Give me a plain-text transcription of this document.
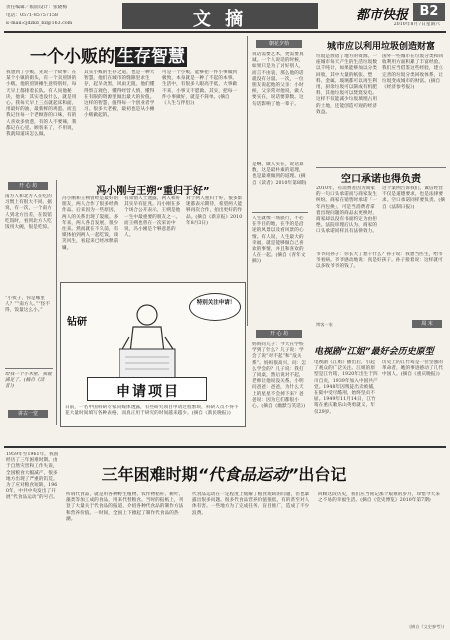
责任编辑／版面设计：张晓梅
电话：0571-85757158
E-mail:cjdzkd_bz@163.com	文 摘	都市快报 B2
2010年8月7日星期六
一个小贩的 生存智慧
我想到了小贩，先说一个故事：在某个小镇的街头，有一个卖煎饼的小贩。他的煎饼摊生意特别好，每天早上都排着长队。有人问他秘诀，他说：其实也没什么，就是用心。我每天早上三点就起床和面，用最好的油，最新鲜的鸡蛋。而且我记住每一个老顾客的口味，有的人喜欢多放葱，有的人不要辣，我都记在心里。顾客来了，不用说，我就知道该怎么做。
其实小贩的生存之道，也是一种大智慧。他们在城市的缝隙里求生存，起早贪黑，风雨无阻。他们懂得察言观色，懂得经营人情，懂得在有限的资源里做出最大的价值。这样的智慧，值得每一个创业者学习。很多大老板，最初也是从小摊小贩做起的。
可是一个小贩，能够把一件小事做到极致，本身就是一种了不起的本事。生活中，有很多人眼高手低，大事做不来，小事又不愿做。其实，把每一件小事做好，就是不简单。(摘自《人生与伴侣》)
朝花夕拾
说话需要艺术，更需要真诚。一个人说话的时候，如果只是为了讨好别人，而言不由衷，那么他的话就没有分量。一次，一位朋友说起他的父亲：小时候，父亲常对他说，做人要实在，说话要算数。这句话影响了他一辈子。
是啊，做人实在，说话算数，这是最朴素的道理，也是最难做到的道理。(摘自《读者》2010年第8期)
人生就像一场旅行，不必在乎目的地，在乎的是沿途的风景以及看风景的心情。有人说，人生最大的幸福，就是能够做自己喜欢的事情，并且和喜欢的人在一起。(摘自《青年文摘》)
城市应以利用垃圾创造财富
垃圾是放错了地方的资源。一座城市每天产生的生活垃圾数以千吨计，如果能够加以分类回收，其中大量的纸张、塑料、金属、玻璃都可以再生利用，厨余垃圾可以制成有机肥料，其他垃圾可以焚烧发电。这样不仅能减少垃圾填埋占用的土地，还能创造可观的经济效益。
国外一些城市在垃圾分类和回收利用方面积累了丰富经验。我们应当借鉴这些经验，建立完善的垃圾分类回收体系，让垃圾变成城市的财富。(摘自《经济参考报》)
空口承诺也得负责
2010年，有消费者因为商家的一句口头承诺而与商家发生纠纷。商家在销售时承诺「一年内包换」，可是当消费者拿着出现问题的商品去更换时，商家却以没有书面约定为由拒绝。法院审理后认为，商家的口头承诺同样具有法律效力。
这个案例告诉我们，诚信经营不仅是道德要求，也是法律要求。空口承诺同样要负责。(摘自《法制日报》)
开 心 坊
南方人和北方人在吃的习惯上有很大不同。据说，有一次，一个南方人到北方出差，在饭馆吃饭时，看到北方人吃饭用大碗，很是吃惊。
“小伙子，你是哪里人？”“南方人。”“怪不得，饭量这么小。”
给我一个小木屋，我就满足了。(摘自《读者》)
讲古一堂
冯小刚与王朔“重归于好”
冯小刚和王朔曾经是最好的朋友，两人合作了很多经典作品。后来因为一些原因，两人的关系出现了裂痕。多年来，两人各自发展，很少往来。然而就在不久前，有媒体拍到两人一起吃饭，谈笑风生，看起来已经冰释前嫌。
有知情人士透露，两人和好其实早有征兆。冯小刚在多个场合公开表示，王朔是他一生中最重要的朋友之一。而王朔也曾在一次采访中说，冯小刚是个够意思的人。
对于两人重归于好，很多影迷都表示期待，希望两人能够再次合作，拍出更好的作品。(摘自《新京报》2010年8月3日)
钻研
特别关注申请！
申请项目
日前，一名中国科研专家向媒体透露，有些研究项目申请过程繁琐，科研人员不得不花大量时间填写各种表格，而真正用于研究的时间越来越少。(摘自《新民晚报》)
开 心 坊
妈妈问儿子：今天在学校学到了什么？儿子说：学会了说“对不起”和“没关系”。妈妈很高兴，问：怎么学会的？儿子说：我打了同桌，然后说对不起，老师让他说没关系。小明问爸爸：爸爸，为什么天上的星星不会掉下来？爸爸说：因为它们都很小心。(摘自《幽默与笑话》)
爷爷问孙子：你长大了想干什么？孙子说：我想当医生，给爷爷看病。爷爷感动地说：真是好孩子。孙子接着说：这样就可以多收爷爷的钱了。
周 末
博客一家
电视剧“江姐”最好会历史原型
电视剧《江姐》播出后，引起了观众的广泛关注。江姐的原型是江竹筠，1920年出生于四川自贡，1939年加入中国共产党。1948年因叛徒出卖被捕，在狱中受尽酷刑，始终坚贞不屈。1949年11月14日，江竹筠在重庆歌乐山英勇就义，年仅29岁。
历史上的江竹筠是一位坚强的革命者，她的事迹感动了几代中国人。(摘自《重庆晚报》)
三年困难时期“代食品运动”出台记
1959年至1961年，我国经历了三年困难时期。由于自然灾害和工作失误，全国粮食大幅减产，很多地方出现了严重的饥荒。为了应对粮食短缺，1960年，中共中央发出了开展“代食品运动”的号召。
所谓代食品，就是用各种野生植物、农作物秸秆、树叶、藻类等加工成的食品，用来代替粮食。当时的报纸上，刊登了大量关于代食品的报道，介绍各种代食品的制作方法和营养价值。一时间，全国上下掀起了制作代食品的热潮。
代食品运动在一定程度上缓解了粮食短缺的问题，但也暴露出很多问题。很多代食品营养价值很低，有的甚至对人体有害。一些地方为了完成任务，盲目推广，造成了不少浪费。
回顾这段历史，我们应当铭记那个艰难的岁月，珍惜今天来之不易的幸福生活。(摘自《党史博览》2010年第7期)
(摘自《文史参考》)
